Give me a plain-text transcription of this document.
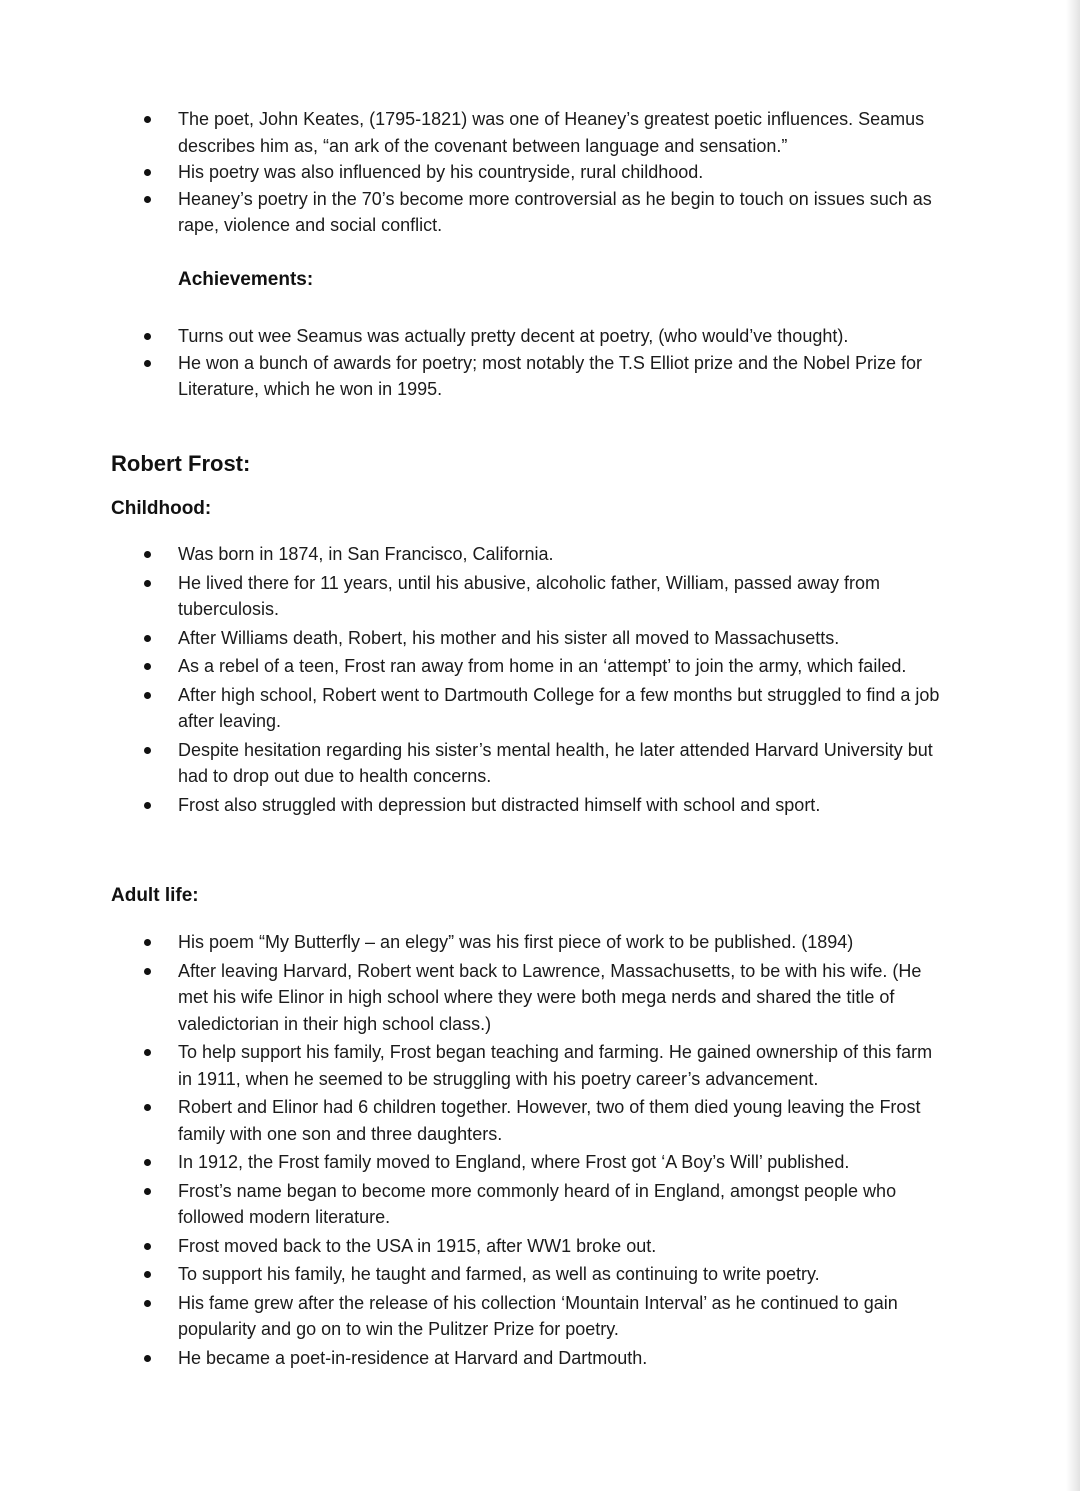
The poet, John Keates, (1795-1821) was one of Heaney’s greatest poetic influences. Seamus describes him as, “an ark of the covenant between language and sensation.”
His poetry was also influenced by his countryside, rural childhood.
Heaney’s poetry in the 70’s become more controversial as he begin to touch on issues such as rape, violence and social conflict.
Achievements:
Turns out wee Seamus was actually pretty decent at poetry, (who would’ve thought).
He won a bunch of awards for poetry; most notably the T.S Elliot prize and the Nobel Prize for Literature, which he won in 1995.
Robert Frost:
Childhood:
Was born in 1874, in San Francisco, California.
He lived there for 11 years, until his abusive, alcoholic father, William, passed away from tuberculosis.
After Williams death, Robert, his mother and his sister all moved to Massachusetts.
As a rebel of a teen, Frost ran away from home in an ‘attempt’ to join the army, which failed.
After high school, Robert went to Dartmouth College for a few months but struggled to find a job after leaving.
Despite hesitation regarding his sister’s mental health, he later attended Harvard University but had to drop out due to health concerns.
Frost also struggled with depression but distracted himself with school and sport.
Adult life:
His poem “My Butterfly – an elegy” was his first piece of work to be published. (1894)
After leaving Harvard, Robert went back to Lawrence, Massachusetts, to be with his wife. (He met his wife Elinor in high school where they were both mega nerds and shared the title of valedictorian in their high school class.)
To help support his family, Frost began teaching and farming. He gained ownership of this farm in 1911, when he seemed to be struggling with his poetry career’s advancement.
Robert and Elinor had 6 children together. However, two of them died young leaving the Frost family with one son and three daughters.
In 1912, the Frost family moved to England, where Frost got ‘A Boy’s Will’ published.
Frost’s name began to become more commonly heard of in England, amongst people who followed modern literature.
Frost moved back to the USA in 1915, after WW1 broke out.
To support his family, he taught and farmed, as well as continuing to write poetry.
His fame grew after the release of his collection ‘Mountain Interval’ as he continued to gain popularity and go on to win the Pulitzer Prize for poetry.
He became a poet-in-residence at Harvard and Dartmouth.
